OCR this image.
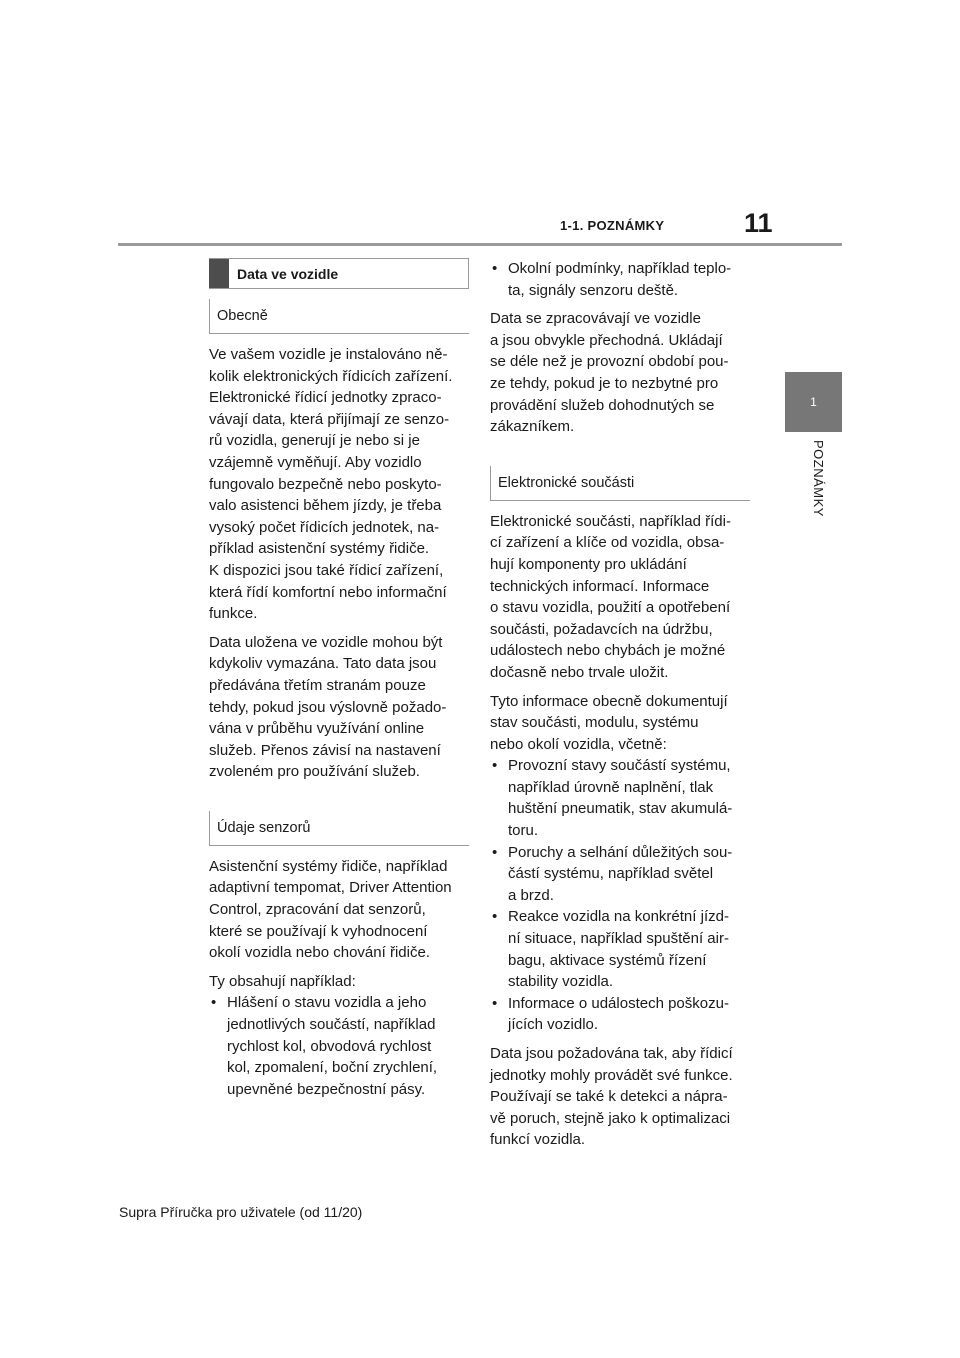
1-1. POZNÁMKY	11
1
POZNÁMKY
Data ve vozidle
Obecně

Ve vašem vozidle je instalováno ně-
kolik elektronických řídicích zařízení.
Elektronické řídicí jednotky zpraco-
vávají data, která přijímají ze senzo-
rů vozidla, generují je nebo si je
vzájemně vyměňují. Aby vozidlo
fungovalo bezpečně nebo poskyto-
valo asistenci během jízdy, je třeba
vysoký počet řídicích jednotek, na-
příklad asistenční systémy řidiče.
K dispozici jsou také řídicí zařízení,
která řídí komfortní nebo informační
funkce.

Data uložena ve vozidle mohou být
kdykoliv vymazána. Tato data jsou
předávána třetím stranám pouze
tehdy, pokud jsou výslovně požado-
vána v průběhu využívání online
služeb. Přenos závisí na nastavení
zvoleném pro používání služeb.

Údaje senzorů

Asistenční systémy řidiče, například
adaptivní tempomat, Driver Attention
Control, zpracování dat senzorů,
které se používají k vyhodnocení
okolí vozidla nebo chování řidiče.

Ty obsahují například:

• Hlášení o stavu vozidla a jeho
jednotlivých součástí, například
rychlost kol, obvodová rychlost
kol, zpomalení, boční zrychlení,
upevněné bezpečnostní pásy.
• Okolní podmínky, například teplo-
ta, signály senzoru deště.

Data se zpracovávají ve vozidle
a jsou obvykle přechodná. Ukládají
se déle než je provozní období pou-
ze tehdy, pokud je to nezbytné pro
provádění služeb dohodnutých se
zákazníkem.

Elektronické součásti

Elektronické součásti, například řídi-
cí zařízení a klíče od vozidla, obsa-
hují komponenty pro ukládání
technických informací. Informace
o stavu vozidla, použití a opotřebení
součásti, požadavcích na údržbu,
událostech nebo chybách je možné
dočasně nebo trvale uložit.

Tyto informace obecně dokumentují
stav součásti, modulu, systému
nebo okolí vozidla, včetně:

• Provozní stavy součástí systému,
například úrovně naplnění, tlak
huštění pneumatik, stav akumulá-
toru.
• Poruchy a selhání důležitých sou-
částí systému, například světel
a brzd.
• Reakce vozidla na konkrétní jízd-
ní situace, například spuštění air-
bagu, aktivace systémů řízení
stability vozidla.
• Informace o událostech poškozu-
jících vozidlo.

Data jsou požadována tak, aby řídicí
jednotky mohly provádět své funkce.
Používají se také k detekci a nápra-
vě poruch, stejně jako k optimalizaci
funkcí vozidla.

Supra Příručka pro uživatele (od 11/20)
